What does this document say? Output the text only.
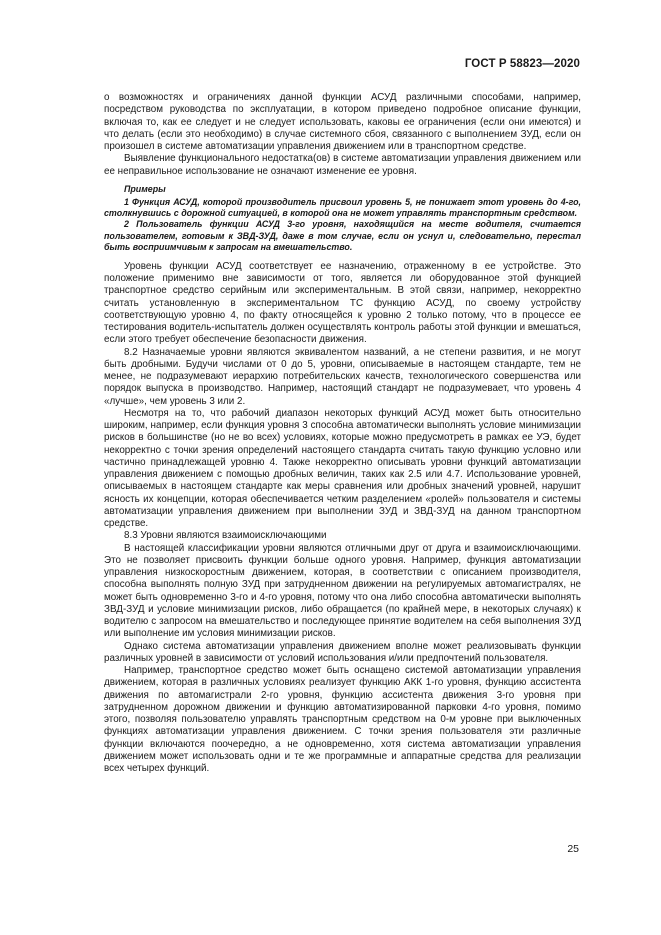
ГОСТ Р 58823—2020

о возможностях и ограничениях данной функции АСУД различными способами, например, посредством руководства по эксплуатации, в котором приведено подробное описание функции, включая то, как ее следует и не следует использовать, каковы ее ограничения (если они имеются) и что делать (если это необходимо) в случае системного сбоя, связанного с выполнением ЗУД, если он произошел в системе автоматизации управления движением или в транспортном средстве.

Выявление функционального недостатка(ов) в системе автоматизации управления движением или ее неправильное использование не означают изменение ее уровня.

Примеры

1 Функция АСУД, которой производитель присвоил уровень 5, не понижает этот уровень до 4-го, столкнувшись с дорожной ситуацией, в которой она не может управлять транспортным средством.

2 Пользователь функции АСУД 3-го уровня, находящийся на месте водителя, считается пользователем, готовым к ЗВД-ЗУД, даже в том случае, если он уснул и, следовательно, перестал быть восприимчивым к запросам на вмешательство.

Уровень функции АСУД соответствует ее назначению, отраженному в ее устройстве. Это положение применимо вне зависимости от того, является ли оборудованное этой функцией транспортное средство серийным или экспериментальным. В этой связи, например, некорректно считать установленную в экспериментальном ТС функцию АСУД, по своему устройству соответствующую уровню 4, по факту относящейся к уровню 2 только потому, что в процессе ее тестирования водитель-испытатель должен осуществлять контроль работы этой функции и вмешаться, если этого требует обеспечение безопасности движения.

8.2 Назначаемые уровни являются эквивалентом названий, а не степени развития, и не могут быть дробными. Будучи числами от 0 до 5, уровни, описываемые в настоящем стандарте, тем не менее, не подразумевают иерархию потребительских качеств, технологического совершенства или порядок выпуска в производство. Например, настоящий стандарт не подразумевает, что уровень 4 «лучше», чем уровень 3 или 2.

Несмотря на то, что рабочий диапазон некоторых функций АСУД может быть относительно широким, например, если функция уровня 3 способна автоматически выполнять условие минимизации рисков в большинстве (но не во всех) условиях, которые можно предусмотреть в рамках ее УЭ, будет некорректно с точки зрения определений настоящего стандарта считать такую функцию условно или частично принадлежащей уровню 4. Также некорректно описывать уровни функций автоматизации управления движением с помощью дробных величин, таких как 2.5 или 4.7. Использование уровней, описываемых в настоящем стандарте как меры сравнения или дробных значений уровней, нарушит ясность их концепции, которая обеспечивается четким разделением «ролей» пользователя и системы автоматизации управления движением при выполнении ЗУД и ЗВД-ЗУД на данном транспортном средстве.

8.3 Уровни являются взаимоисключающими

В настоящей классификации уровни являются отличными друг от друга и взаимоисключающими. Это не позволяет присвоить функции больше одного уровня. Например, функция автоматизации управления низкоскоростным движением, которая, в соответствии с описанием производителя, способна выполнять полную ЗУД при затрудненном движении на регулируемых автомагистралях, не может быть одновременно 3-го и 4-го уровня, потому что она либо способна автоматически выполнять ЗВД-ЗУД и условие минимизации рисков, либо обращается (по крайней мере, в некоторых случаях) к водителю с запросом на вмешательство и последующее принятие водителем на себя выполнения ЗУД или выполнение им условия минимизации рисков.

Однако система автоматизации управления движением вполне может реализовывать функции различных уровней в зависимости от условий использования и/или предпочтений пользователя.

Например, транспортное средство может быть оснащено системой автоматизации управления движением, которая в различных условиях реализует функцию АКК 1-го уровня, функцию ассистента движения по автомагистрали 2-го уровня, функцию ассистента движения 3-го уровня при затрудненном дорожном движении и функцию автоматизированной парковки 4-го уровня, помимо этого, позволяя пользователю управлять транспортным средством на 0-м уровне при выключенных функциях автоматизации управления движением. С точки зрения пользователя эти различные функции включаются поочередно, а не одновременно, хотя система автоматизации управления движением может использовать одни и те же программные и аппаратные средства для реализации всех четырех функций.

25
